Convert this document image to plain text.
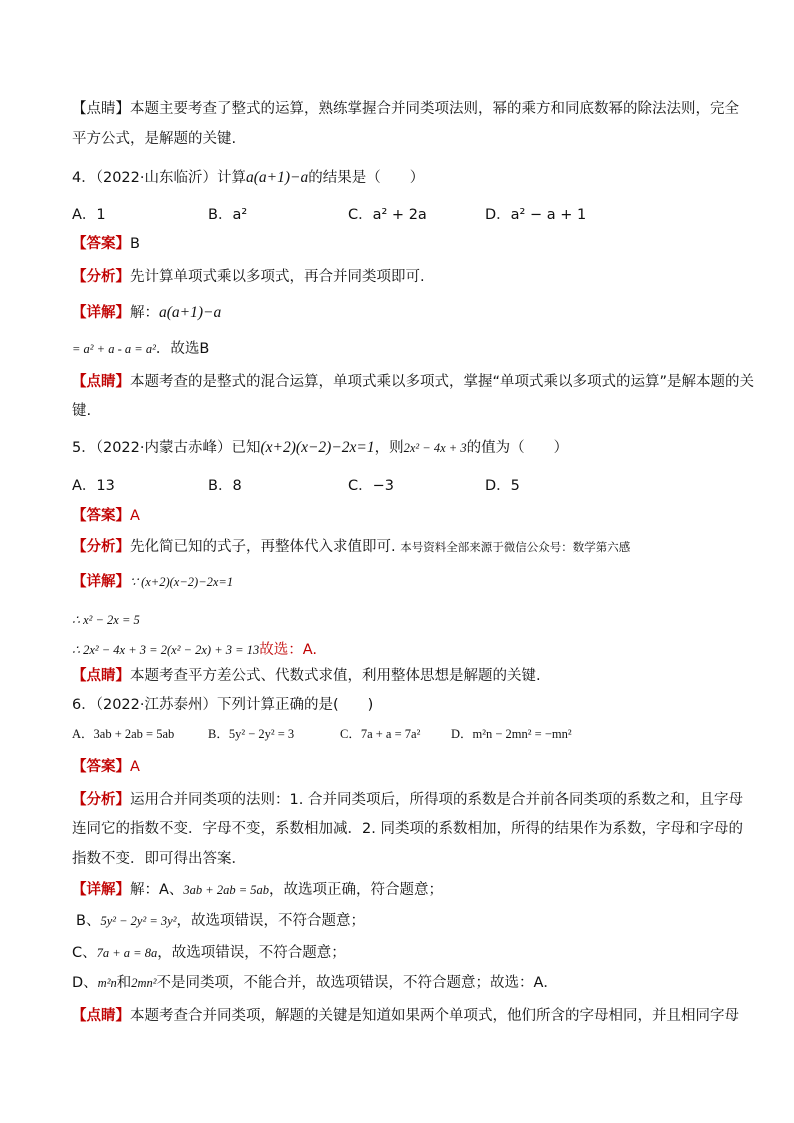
【点睛】本题主要考查了整式的运算，熟练掌握合并同类项法则，幂的乘方和同底数幂的除法法则，完全
平方公式，是解题的关键.
4．（2022·山东临沂）计算a(a+1)−a的结果是（　　）
A．1	B．a²	C．a² + 2a	D．a² − a + 1
【答案】B
【分析】先计算单项式乘以多项式，再合并同类项即可.
【详解】解：a(a+1)−a
= a² + a - a = a²．故选B
【点睛】本题考查的是整式的混合运算，单项式乘以多项式，掌握“单项式乘以多项式的运算”是解本题的关
键.
5．（2022·内蒙古赤峰）已知(x+2)(x−2)−2x=1，则2x² − 4x + 3的值为（　　）
A．13	B．8	C．−3	D．5
【答案】A
【分析】先化简已知的式子，再整体代入求值即可. 本号资料全部来源于微信公众号：数学第六感
【详解】∵ (x+2)(x−2)−2x=1
∴ x² − 2x = 5
∴ 2x² − 4x + 3 = 2(x² − 2x) + 3 = 13故选：A.
【点睛】本题考查平方差公式、代数式求值，利用整体思想是解题的关键.
6．（2022·江苏泰州）下列计算正确的是(　　)
A．3ab + 2ab = 5ab	B．5y² − 2y² = 3	C．7a + a = 7a² D．m²n − 2mn² = −mn²
【答案】A
【分析】运用合并同类项的法则：1. 合并同类项后，所得项的系数是合并前各同类项的系数之和，且字母
连同它的指数不变．字母不变，系数相加减．2. 同类项的系数相加，所得的结果作为系数，字母和字母的
指数不变．即可得出答案．
【详解】解：A、3ab + 2ab = 5ab，故选项正确，符合题意；
B、5y² − 2y² = 3y²，故选项错误，不符合题意；
C、7a + a = 8a，故选项错误，不符合题意；
D、m²n和2mn²不是同类项，不能合并，故选项错误，不符合题意；故选：A．
【点睛】本题考查合并同类项，解题的关键是知道如果两个单项式，他们所含的字母相同，并且相同字母
